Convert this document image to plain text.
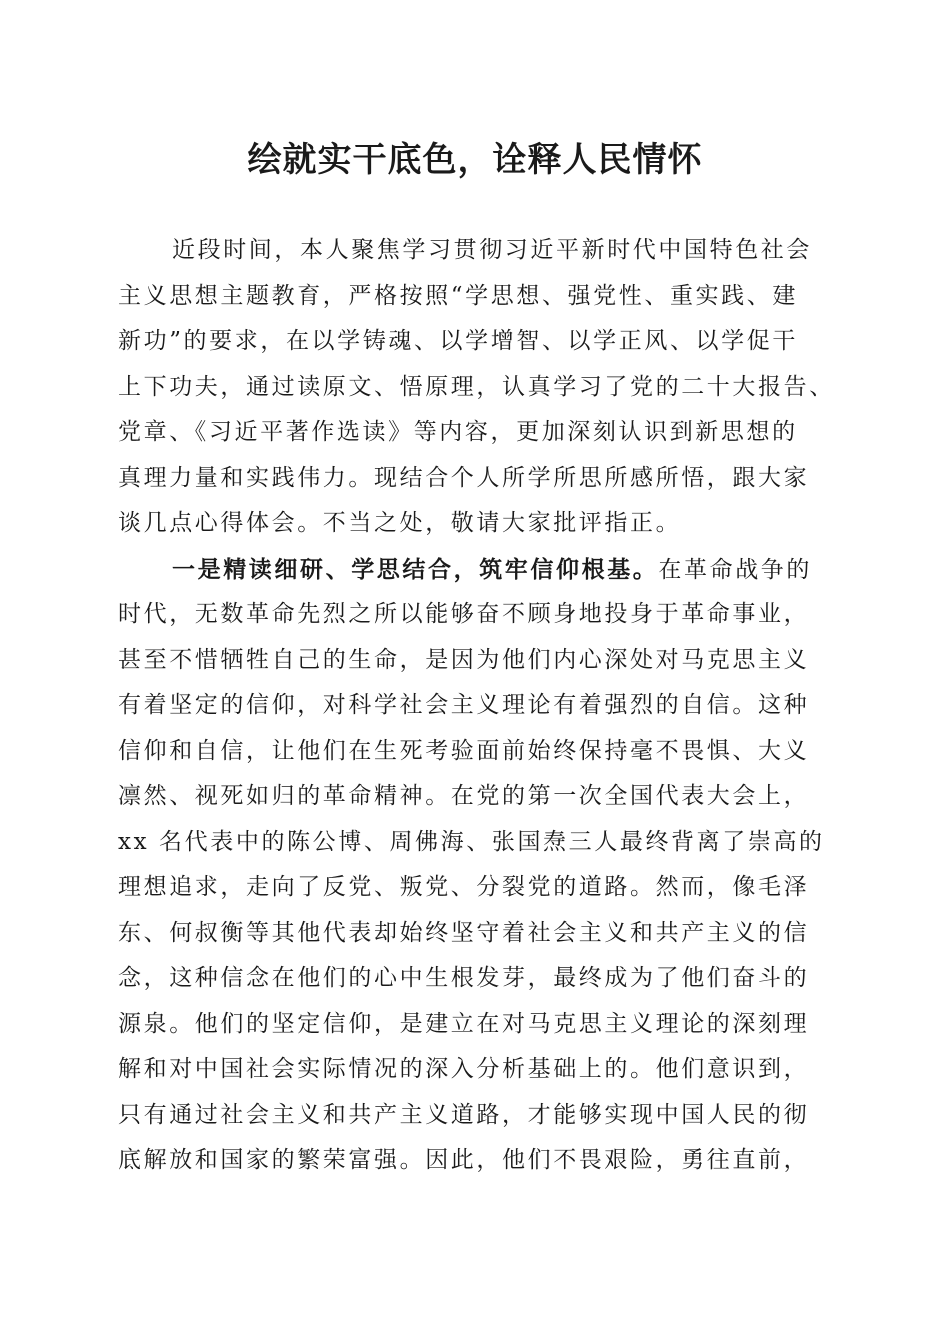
绘就实干底色，诠释人民情怀
近段时间，本人聚焦学习贯彻习近平新时代中国特色社会
主义思想主题教育，严格按照“学思想、强党性、重实践、建
新功”的要求，在以学铸魂、以学增智、以学正风、以学促干
上下功夫，通过读原文、悟原理，认真学习了党的二十大报告、
党章、《习近平著作选读》等内容，更加深刻认识到新思想的
真理力量和实践伟力。现结合个人所学所思所感所悟，跟大家
谈几点心得体会。不当之处，敬请大家批评指正。
一是精读细研、学思结合，筑牢信仰根基。在革命战争的
时代，无数革命先烈之所以能够奋不顾身地投身于革命事业，
甚至不惜牺牲自己的生命，是因为他们内心深处对马克思主义
有着坚定的信仰，对科学社会主义理论有着强烈的自信。这种
信仰和自信，让他们在生死考验面前始终保持毫不畏惧、大义
凛然、视死如归的革命精神。在党的第一次全国代表大会上，
xx 名代表中的陈公博、周佛海、张国焘三人最终背离了崇高的
理想追求，走向了反党、叛党、分裂党的道路。然而，像毛泽
东、何叔衡等其他代表却始终坚守着社会主义和共产主义的信
念，这种信念在他们的心中生根发芽，最终成为了他们奋斗的
源泉。他们的坚定信仰，是建立在对马克思主义理论的深刻理
解和对中国社会实际情况的深入分析基础上的。他们意识到，
只有通过社会主义和共产主义道路，才能够实现中国人民的彻
底解放和国家的繁荣富强。因此，他们不畏艰险，勇往直前，
